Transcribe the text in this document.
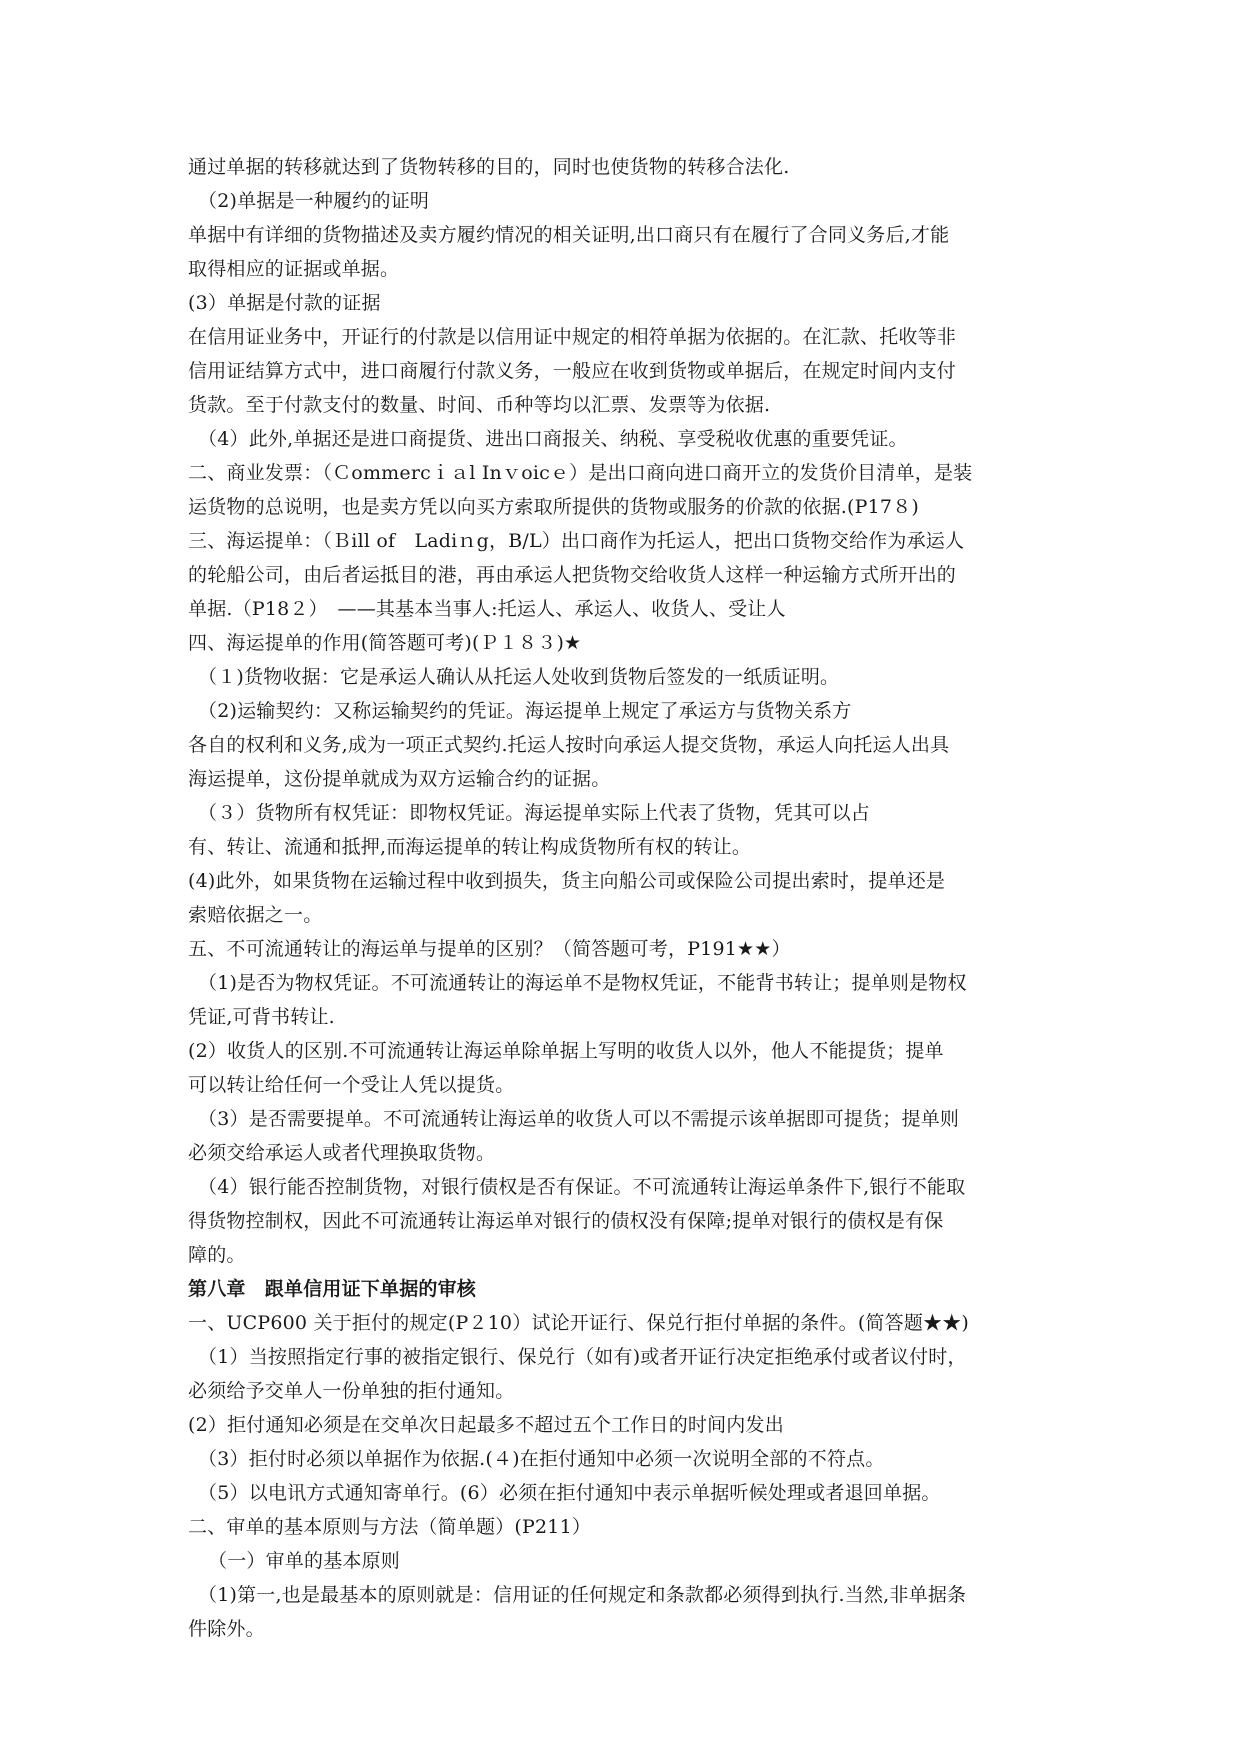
通过单据的转移就达到了货物转移的目的，同时也使货物的转移合法化.
（2)单据是一种履约的证明
单据中有详细的货物描述及卖方履约情况的相关证明,出口商只有在履行了合同义务后,才能
取得相应的证据或单据。
(3）单据是付款的证据
在信用证业务中，开证行的付款是以信用证中规定的相符单据为依据的。在汇款、托收等非
信用证结算方式中，进口商履行付款义务，一般应在收到货物或单据后，在规定时间内支付
货款。至于付款支付的数量、时间、币种等均以汇票、发票等为依据.
（4）此外,单据还是进口商提货、进出口商报关、纳税、享受税收优惠的重要凭证。
二、商业发票：（Ｃommercｉａl Inｖoicｅ）是出口商向进口商开立的发货价目清单，是装
运货物的总说明，也是卖方凭以向买方索取所提供的货物或服务的价款的依据.(P17８)
三、海运提单：（Ｂill of　Ladiｎg，B/L）出口商作为托运人，把出口货物交给作为承运人
的轮船公司，由后者运抵目的港，再由承运人把货物交给收货人这样一种运输方式所开出的
单据.（P18２）　——其基本当事人:托运人、承运人、收货人、受让人
四、海运提单的作用(简答题可考)(Ｐ１８３)★
（１)货物收据：它是承运人确认从托运人处收到货物后签发的一纸质证明。
（2)运输契约：又称运输契约的凭证。海运提单上规定了承运方与货物关系方
各自的权利和义务,成为一项正式契约.托运人按时向承运人提交货物，承运人向托运人出具
海运提单，这份提单就成为双方运输合约的证据。
（３）货物所有权凭证：即物权凭证。海运提单实际上代表了货物，凭其可以占
有、转让、流通和抵押,而海运提单的转让构成货物所有权的转让。
(4)此外，如果货物在运输过程中收到损失，货主向船公司或保险公司提出索时，提单还是
索赔依据之一。
五、不可流通转让的海运单与提单的区别？（简答题可考，P191★★）
（1)是否为物权凭证。不可流通转让的海运单不是物权凭证，不能背书转让；提单则是物权
凭证,可背书转让.
(2）收货人的区别.不可流通转让海运单除单据上写明的收货人以外，他人不能提货；提单
可以转让给任何一个受让人凭以提货。
（3）是否需要提单。不可流通转让海运单的收货人可以不需提示该单据即可提货；提单则
必须交给承运人或者代理换取货物。
（4）银行能否控制货物，对银行债权是否有保证。不可流通转让海运单条件下,银行不能取
得货物控制权，因此不可流通转让海运单对银行的债权没有保障;提单对银行的债权是有保
障的。
第八章　跟单信用证下单据的审核
一、UCP600 关于拒付的规定(P２10）试论开证行、保兑行拒付单据的条件。(简答题★★)
（1）当按照指定行事的被指定银行、保兑行（如有)或者开证行决定拒绝承付或者议付时，
必须给予交单人一份单独的拒付通知。
(2）拒付通知必须是在交单次日起最多不超过五个工作日的时间内发出
（3）拒付时必须以单据作为依据.(４)在拒付通知中必须一次说明全部的不符点。
（5）以电讯方式通知寄单行。(6）必须在拒付通知中表示单据听候处理或者退回单据。
二、审单的基本原则与方法（简单题）(P211）
（一）审单的基本原则
（1)第一,也是最基本的原则就是：信用证的任何规定和条款都必须得到执行.当然,非单据条
件除外。
